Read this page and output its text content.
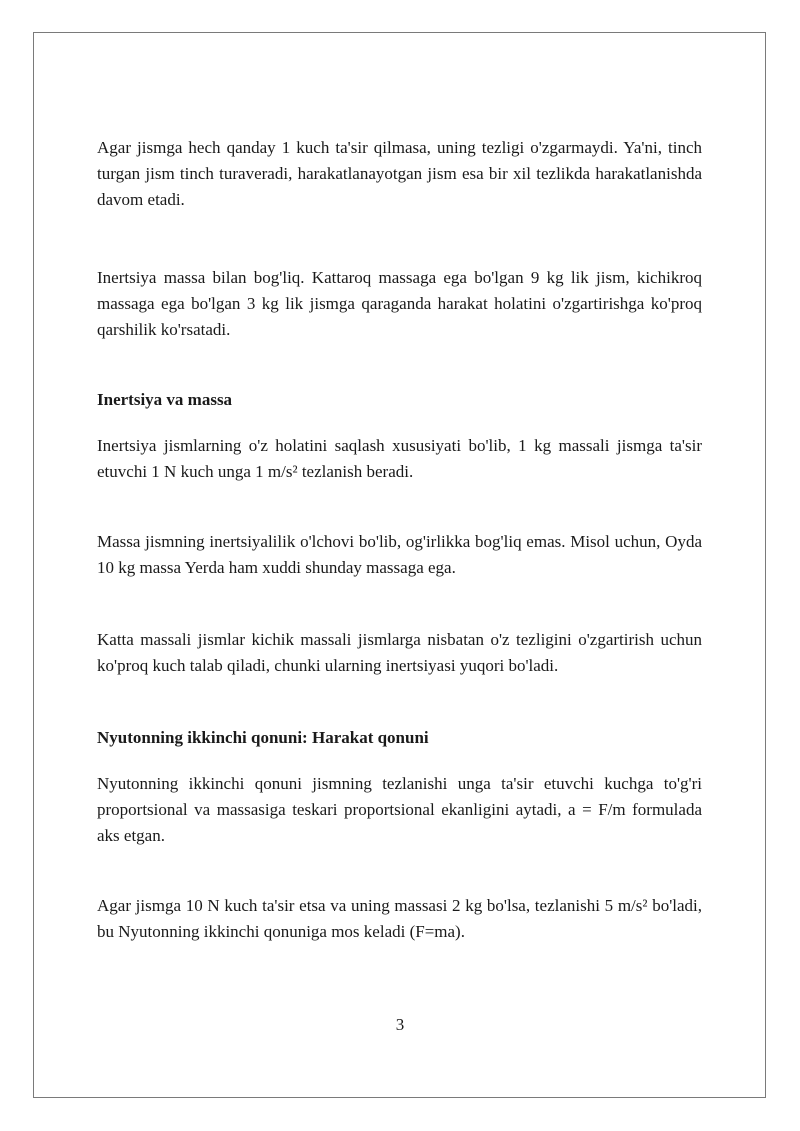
Agar jismga hech qanday 1 kuch ta'sir qilmasa, uning tezligi o'zgarmaydi. Ya'ni, tinch turgan jism tinch turaveradi, harakatlanayotgan jism esa bir xil tezlikda harakatlanishda davom etadi.

Inertsiya massa bilan bog'liq. Kattaroq massaga ega bo'lgan 9 kg lik jism, kichikroq massaga ega bo'lgan 3 kg lik jismga qaraganda harakat holatini o'zgartirishga ko'proq qarshilik ko'rsatadi.

Inertsiya va massa

Inertsiya jismlarning o'z holatini saqlash xususiyati bo'lib, 1 kg massali jismga ta'sir etuvchi 1 N kuch unga 1 m/s² tezlanish beradi.

Massa jismning inertsiyalilik o'lchovi bo'lib, og'irlikka bog'liq emas. Misol uchun, Oyda 10 kg massa Yerda ham xuddi shunday massaga ega.

Katta massali jismlar kichik massali jismlarga nisbatan o'z tezligini o'zgartirish uchun ko'proq kuch talab qiladi, chunki ularning inertsiyasi yuqori bo'ladi.

Nyutonning ikkinchi qonuni: Harakat qonuni

Nyutonning ikkinchi qonuni jismning tezlanishi unga ta'sir etuvchi kuchga to'g'ri proportsional va massasiga teskari proportsional ekanligini aytadi, a = F/m formulada aks etgan.

Agar jismga 10 N kuch ta'sir etsa va uning massasi 2 kg bo'lsa, tezlanishi 5 m/s² bo'ladi, bu Nyutonning ikkinchi qonuniga mos keladi (F=ma).

3
